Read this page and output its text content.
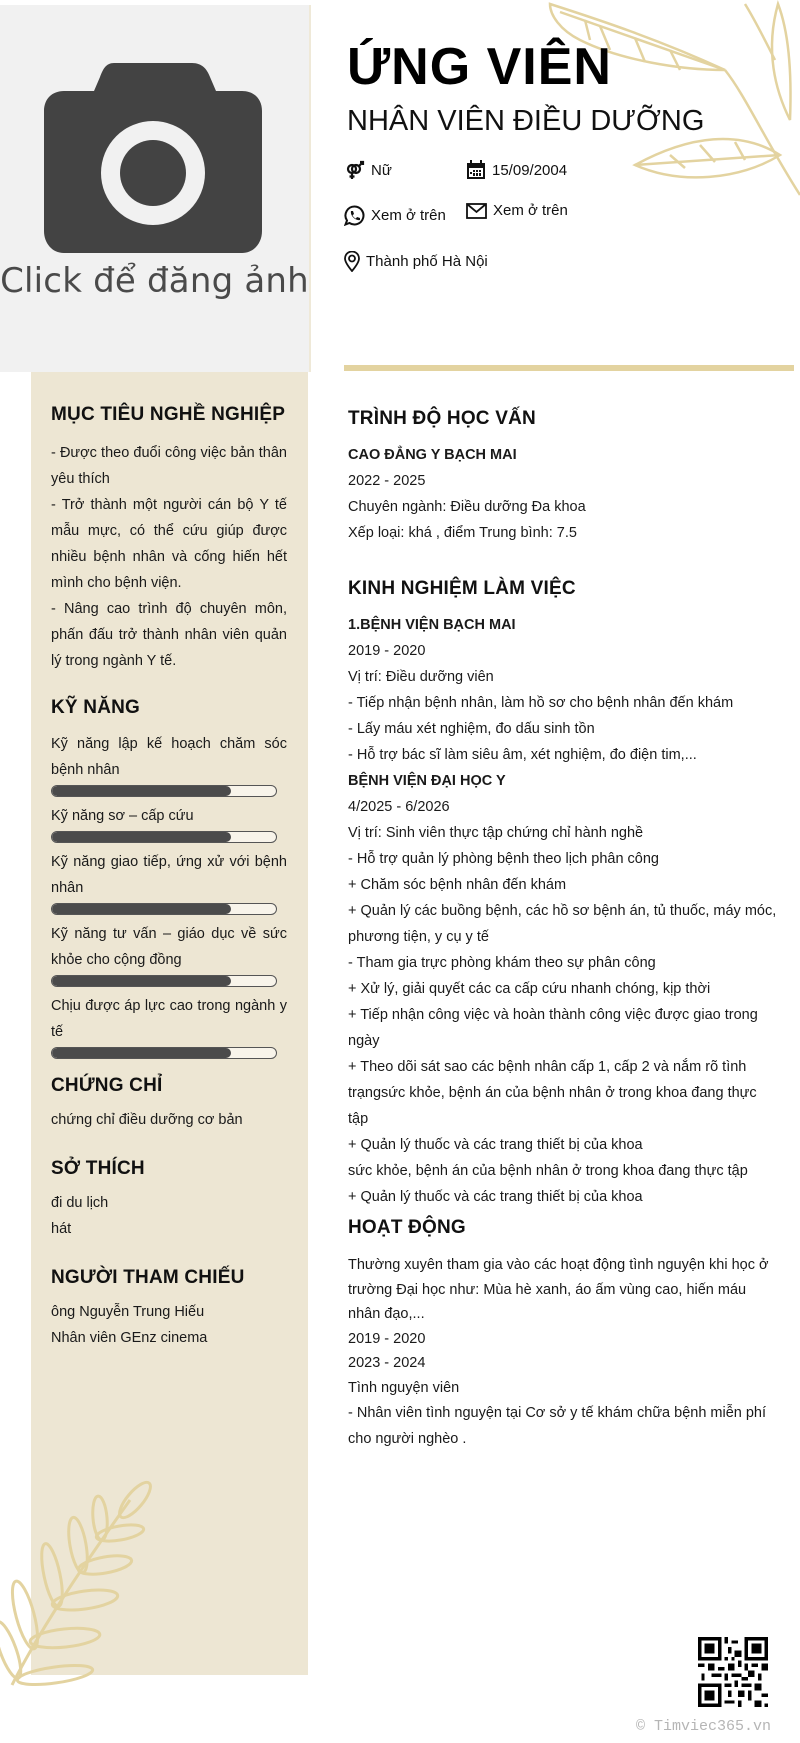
Click để đăng ảnh
ỨNG VIÊN
NHÂN VIÊN ĐIỀU DƯỠNG
Nữ	15/09/2004
Xem ở trên	Xem ở trên
Thành phố Hà Nội
MỤC TIÊU NGHỀ NGHIỆP
- Được theo đuổi công việc bản thân yêu thích
- Trở thành một người cán bộ Y tế mẫu mực, có thể cứu giúp được nhiều bệnh nhân và cống hiến hết mình cho bệnh viện.
- Nâng cao trình độ chuyên môn, phấn đấu trở thành nhân viên quản lý trong ngành Y tế.
KỸ NĂNG
Kỹ năng lập kế hoạch chăm sóc bệnh nhân
Kỹ năng sơ – cấp cứu
Kỹ năng giao tiếp, ứng xử với bệnh nhân
Kỹ năng tư vấn – giáo dục về sức khỏe cho cộng đồng
Chịu được áp lực cao trong ngành y tế
CHỨNG CHỈ
chứng chỉ điều dưỡng cơ bản
SỞ THÍCH
đi du lịch
hát
NGƯỜI THAM CHIẾU
ông Nguyễn Trung Hiếu
Nhân viên GEnz cinema
TRÌNH ĐỘ HỌC VẤN
CAO ĐẲNG Y BẠCH MAI
2022 - 2025
Chuyên ngành: Điều dưỡng Đa khoa
Xếp loại: khá , điểm Trung bình: 7.5
KINH NGHIỆM LÀM VIỆC
1.BỆNH VIỆN BẠCH MAI
2019 - 2020
Vị trí: Điều dưỡng viên
- Tiếp nhận bệnh nhân, làm hồ sơ cho bệnh nhân đến khám
- Lấy máu xét nghiệm, đo dấu sinh tồn
- Hỗ trợ bác sĩ làm siêu âm, xét nghiệm, đo điện tim,...
BỆNH VIỆN ĐẠI HỌC Y
4/2025 - 6/2026
Vị trí: Sinh viên thực tập chứng chỉ hành nghề
- Hỗ trợ quản lý phòng bệnh theo lịch phân công
+ Chăm sóc bệnh nhân đến khám
+ Quản lý các buồng bệnh, các hồ sơ bệnh án, tủ thuốc, máy móc, phương tiện, y cụ y tế
- Tham gia trực phòng khám theo sự phân công
+ Xử lý, giải quyết các ca cấp cứu nhanh chóng, kịp thời
+ Tiếp nhận công việc và hoàn thành công việc được giao trong ngày
+ Theo dõi sát sao các bệnh nhân cấp 1, cấp 2 và nắm rõ tình trạngsức khỏe, bệnh án của bệnh nhân ở trong khoa đang thực tập
+ Quản lý thuốc và các trang thiết bị của khoa
sức khỏe, bệnh án của bệnh nhân ở trong khoa đang thực tập
+ Quản lý thuốc và các trang thiết bị của khoa
HOẠT ĐỘNG
Thường xuyên tham gia vào các hoạt động tình nguyện khi học ở trường Đại học như: Mùa hè xanh, áo ấm vùng cao, hiến máu nhân đạo,...
2019 - 2020
2023 - 2024
Tình nguyện viên
- Nhân viên tình nguyện tại Cơ sở y tế khám chữa bệnh miễn phí cho người nghèo .
© Timviec365.vn
